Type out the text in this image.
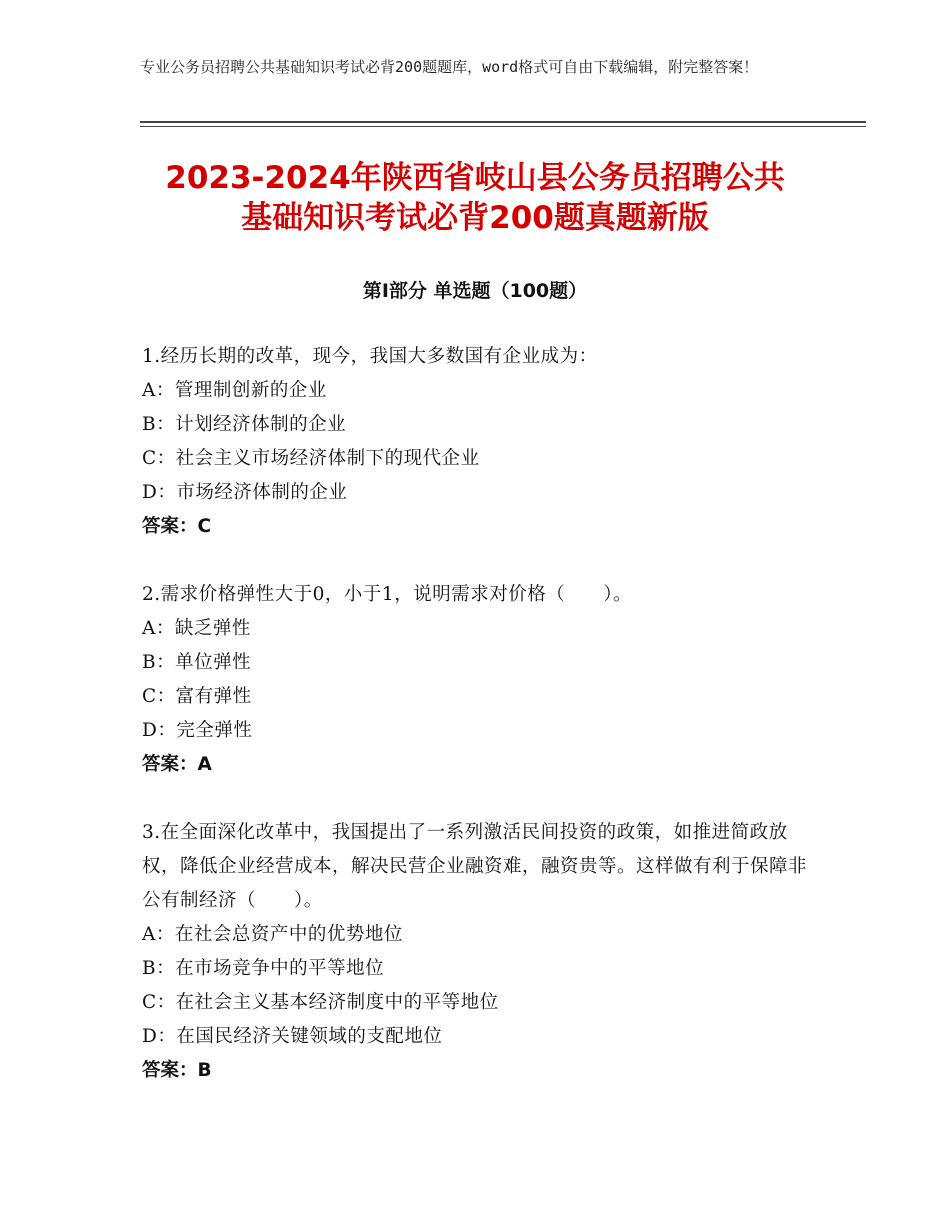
专业公务员招聘公共基础知识考试必背200题题库，word格式可自由下载编辑，附完整答案！
2023-2024年陕西省岐山县公务员招聘公共
基础知识考试必背200题真题新版
第Ⅰ部分 单选题（100题）
1.经历长期的改革，现今，我国大多数国有企业成为：
A：管理制创新的企业
B：计划经济体制的企业
C：社会主义市场经济体制下的现代企业
D：市场经济体制的企业
答案：C
2.需求价格弹性大于0，小于1，说明需求对价格（　　）。
A：缺乏弹性
B：单位弹性
C：富有弹性
D：完全弹性
答案：A
3.在全面深化改革中，我国提出了一系列激活民间投资的政策，如推进简政放权，降低企业经营成本，解决民营企业融资难，融资贵等。这样做有利于保障非公有制经济（　　）。
A：在社会总资产中的优势地位
B：在市场竞争中的平等地位
C：在社会主义基本经济制度中的平等地位
D：在国民经济关键领域的支配地位
答案：B
